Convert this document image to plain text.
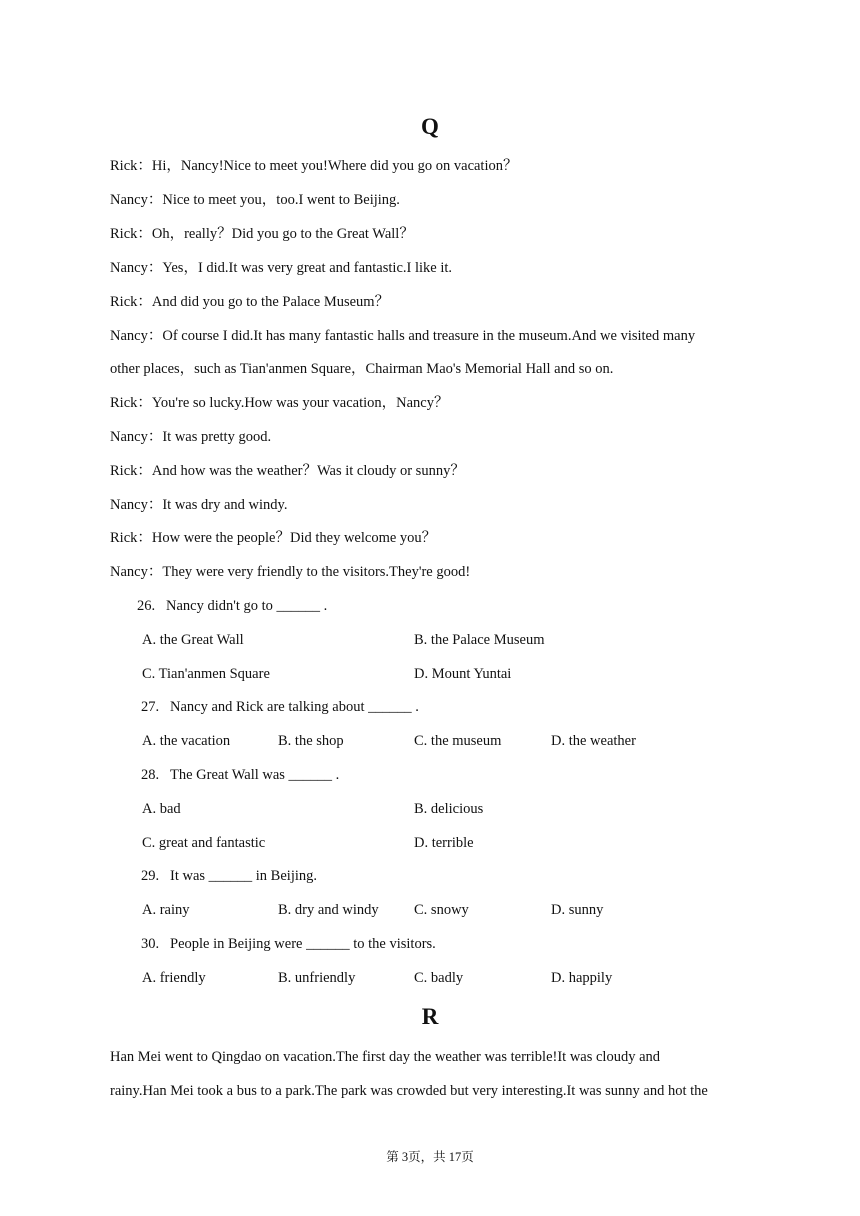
Q
Rick：Hi，Nancy!Nice to meet you!Where did you go on vacation？
Nancy：Nice to meet you，too.I went to Beijing.
Rick：Oh，really？Did you go to the Great Wall？
Nancy：Yes，I did.It was very great and fantastic.I like it.
Rick：And did you go to the Palace Museum？
Nancy：Of course I did.It has many fantastic halls and treasure in the museum.And we visited many
other places，such as Tian'anmen Square，Chairman Mao's Memorial Hall and so on.
Rick：You're so lucky.How was your vacation，Nancy？
Nancy：It was pretty good.
Rick：And how was the weather？Was it cloudy or sunny？
Nancy：It was dry and windy.
Rick：How were the people？Did they welcome you？
Nancy：They were very friendly to the visitors.They're good!
26.   Nancy didn't go to ______ .
A. the Great Wall	B. the Palace Museum
C. Tian'anmen Square	D. Mount Yuntai
27.   Nancy and Rick are talking about ______ .
A. the vacation	B. the shop	C. the museum	D. the weather
28.   The Great Wall was ______ .
A. bad	B. delicious
C. great and fantastic	D. terrible
29.   It was ______ in Beijing.
A. rainy	B. dry and windy C. snowy	D. sunny
30.   People in Beijing were ______ to the visitors.
A. friendly	B. unfriendly	C. badly	D. happily
R
Han Mei went to Qingdao on vacation.The first day the weather was terrible!It was cloudy and
rainy.Han Mei took a bus to a park.The park was crowded but very interesting.It was sunny and hot the
第 3页，共 17页
